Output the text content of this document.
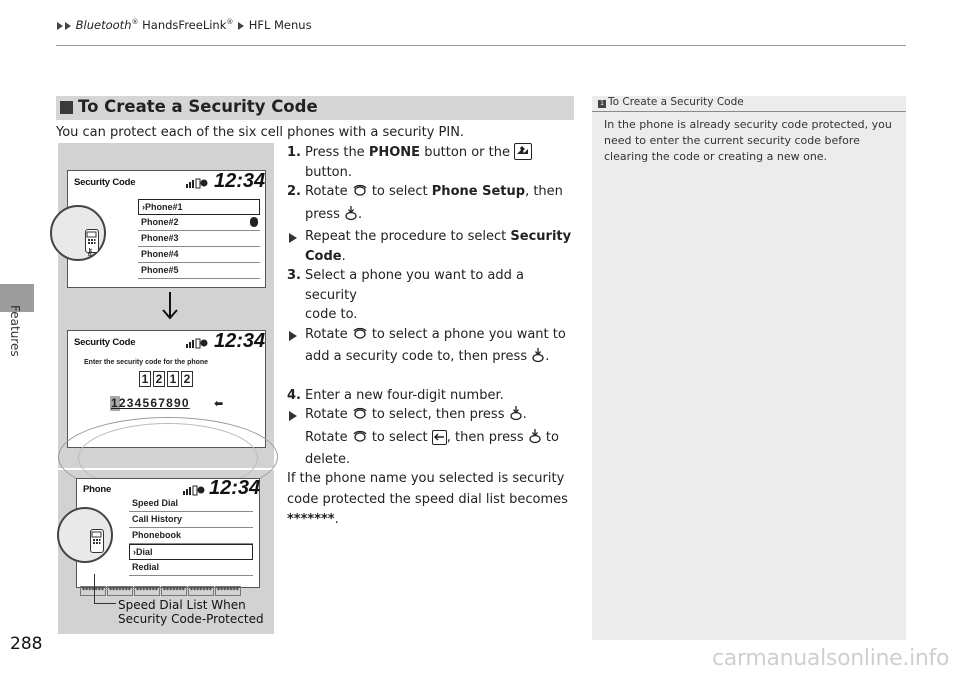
Bluetooth® HandsFreeLink® HFL Menus
Features
288
To Create a Security Code
You can protect each of the six cell phones with a security PIN.
Security Code	12:34
⚷
›Phone#1
Phone#2
Phone#3
Phone#4
Phone#5
Security Code	12:34
Enter the security code for the phone
1 2 1 2
1234567890 ⬅
Phone	12:34
Speed Dial
Call History
Phonebook
›Dial
Redial
******* ******* ******* ******* ******* *******
Speed Dial List When
Security Code-Protected
1. Press the PHONE button or the
button.
2. Rotate  to select Phone Setup, then
press .
Repeat the procedure to select Security
Code.
3. Select a phone you want to add a security
code to.
Rotate  to select a phone you want to
add a security code to, then press .
4. Enter a new four-digit number.
Rotate  to select, then press .
Rotate  to select
, then press  to
delete.
If the phone name you selected is security
code protected the speed dial list becomes
*******.
1 To Create a Security Code
In the phone is already security code protected, you
need to enter the current security code before
clearing the code or creating a new one.
carmanualsonline.info
